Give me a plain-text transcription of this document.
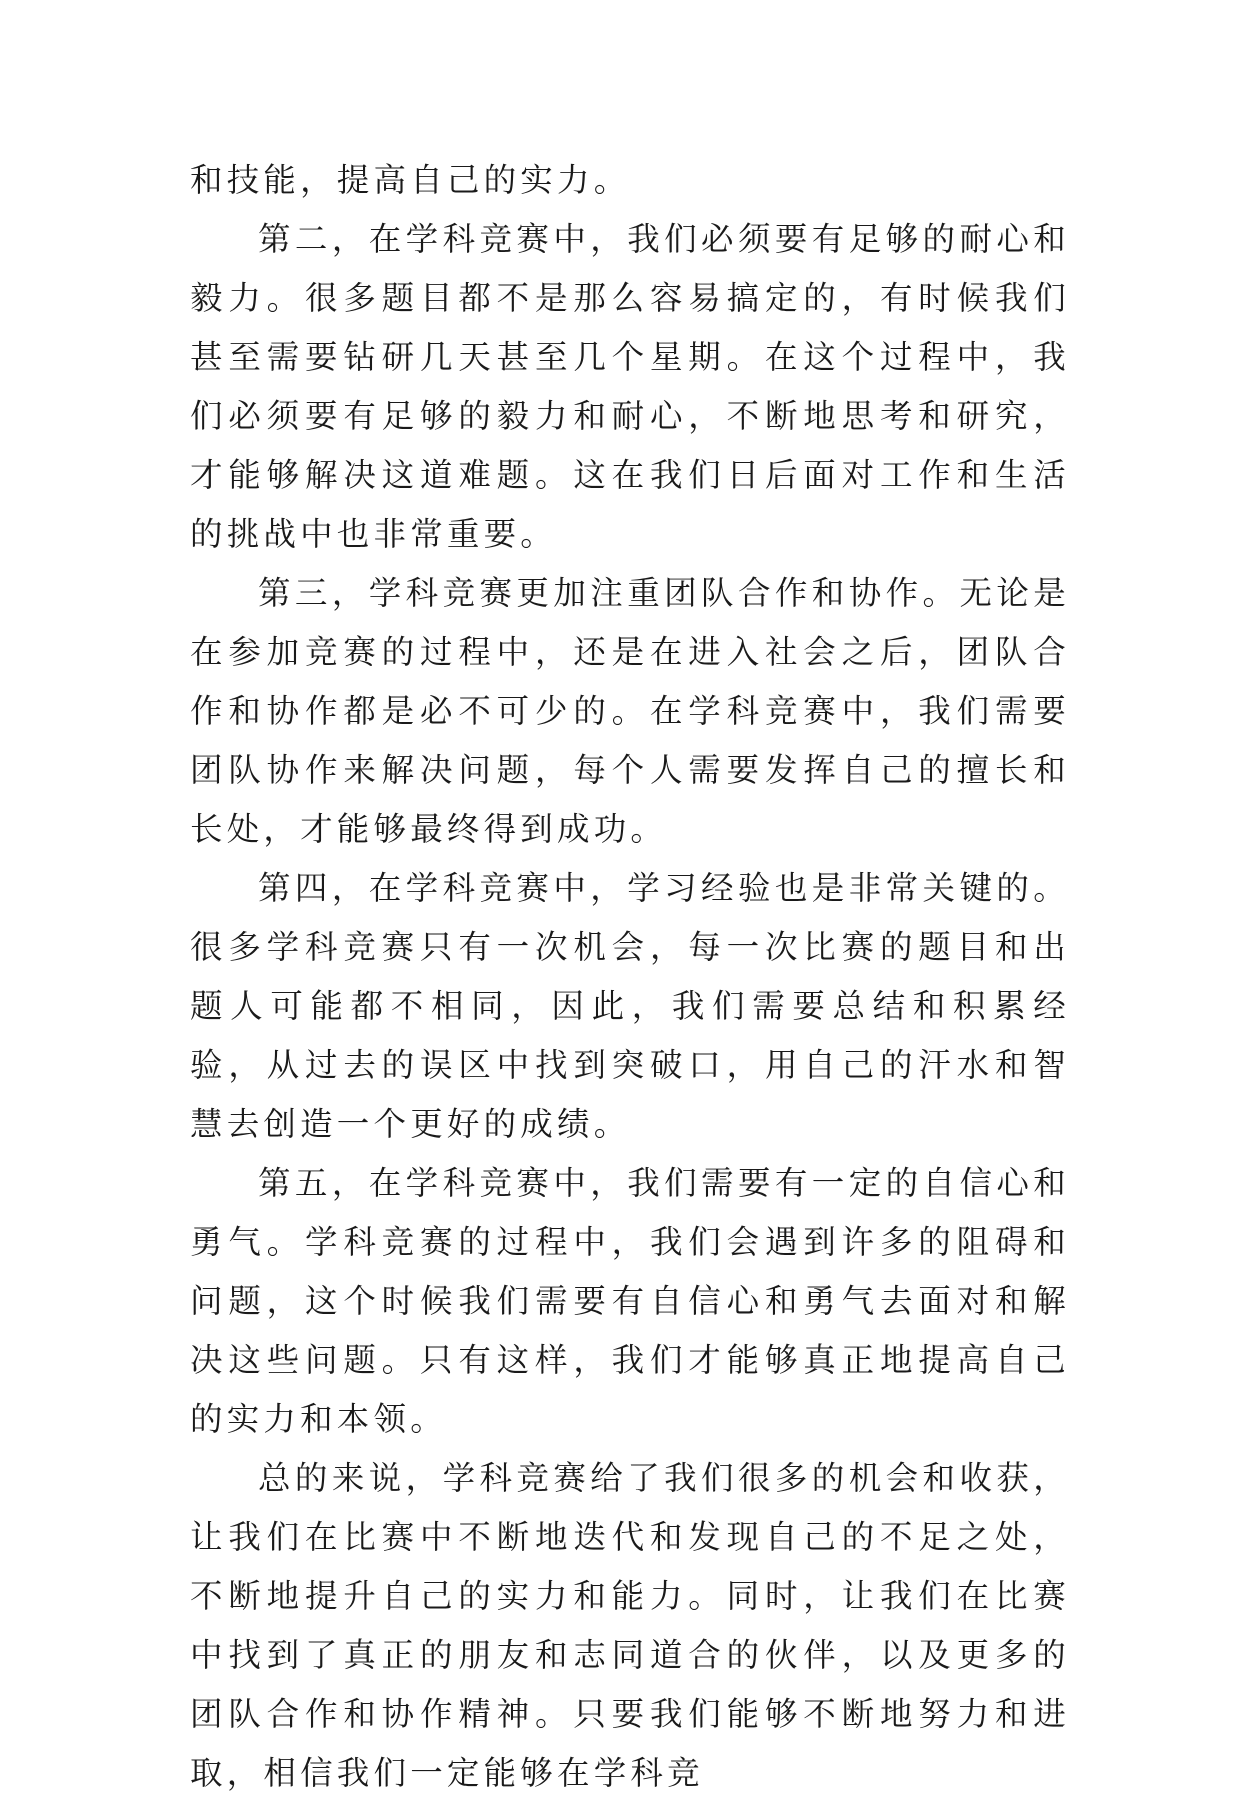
和技能，提高自己的实力。

第二，在学科竞赛中，我们必须要有足够的耐心和毅力。很多题目都不是那么容易搞定的，有时候我们甚至需要钻研几天甚至几个星期。在这个过程中，我们必须要有足够的毅力和耐心，不断地思考和研究，才能够解决这道难题。这在我们日后面对工作和生活的挑战中也非常重要。

第三，学科竞赛更加注重团队合作和协作。无论是在参加竞赛的过程中，还是在进入社会之后，团队合作和协作都是必不可少的。在学科竞赛中，我们需要团队协作来解决问题，每个人需要发挥自己的擅长和长处，才能够最终得到成功。

第四，在学科竞赛中，学习经验也是非常关键的。很多学科竞赛只有一次机会，每一次比赛的题目和出题人可能都不相同，因此，我们需要总结和积累经验，从过去的误区中找到突破口，用自己的汗水和智慧去创造一个更好的成绩。

第五，在学科竞赛中，我们需要有一定的自信心和勇气。学科竞赛的过程中，我们会遇到许多的阻碍和问题，这个时候我们需要有自信心和勇气去面对和解决这些问题。只有这样，我们才能够真正地提高自己的实力和本领。

总的来说，学科竞赛给了我们很多的机会和收获，让我们在比赛中不断地迭代和发现自己的不足之处，不断地提升自己的实力和能力。同时，让我们在比赛中找到了真正的朋友和志同道合的伙伴，以及更多的团队合作和协作精神。只要我们能够不断地努力和进取，相信我们一定能够在学科竞
